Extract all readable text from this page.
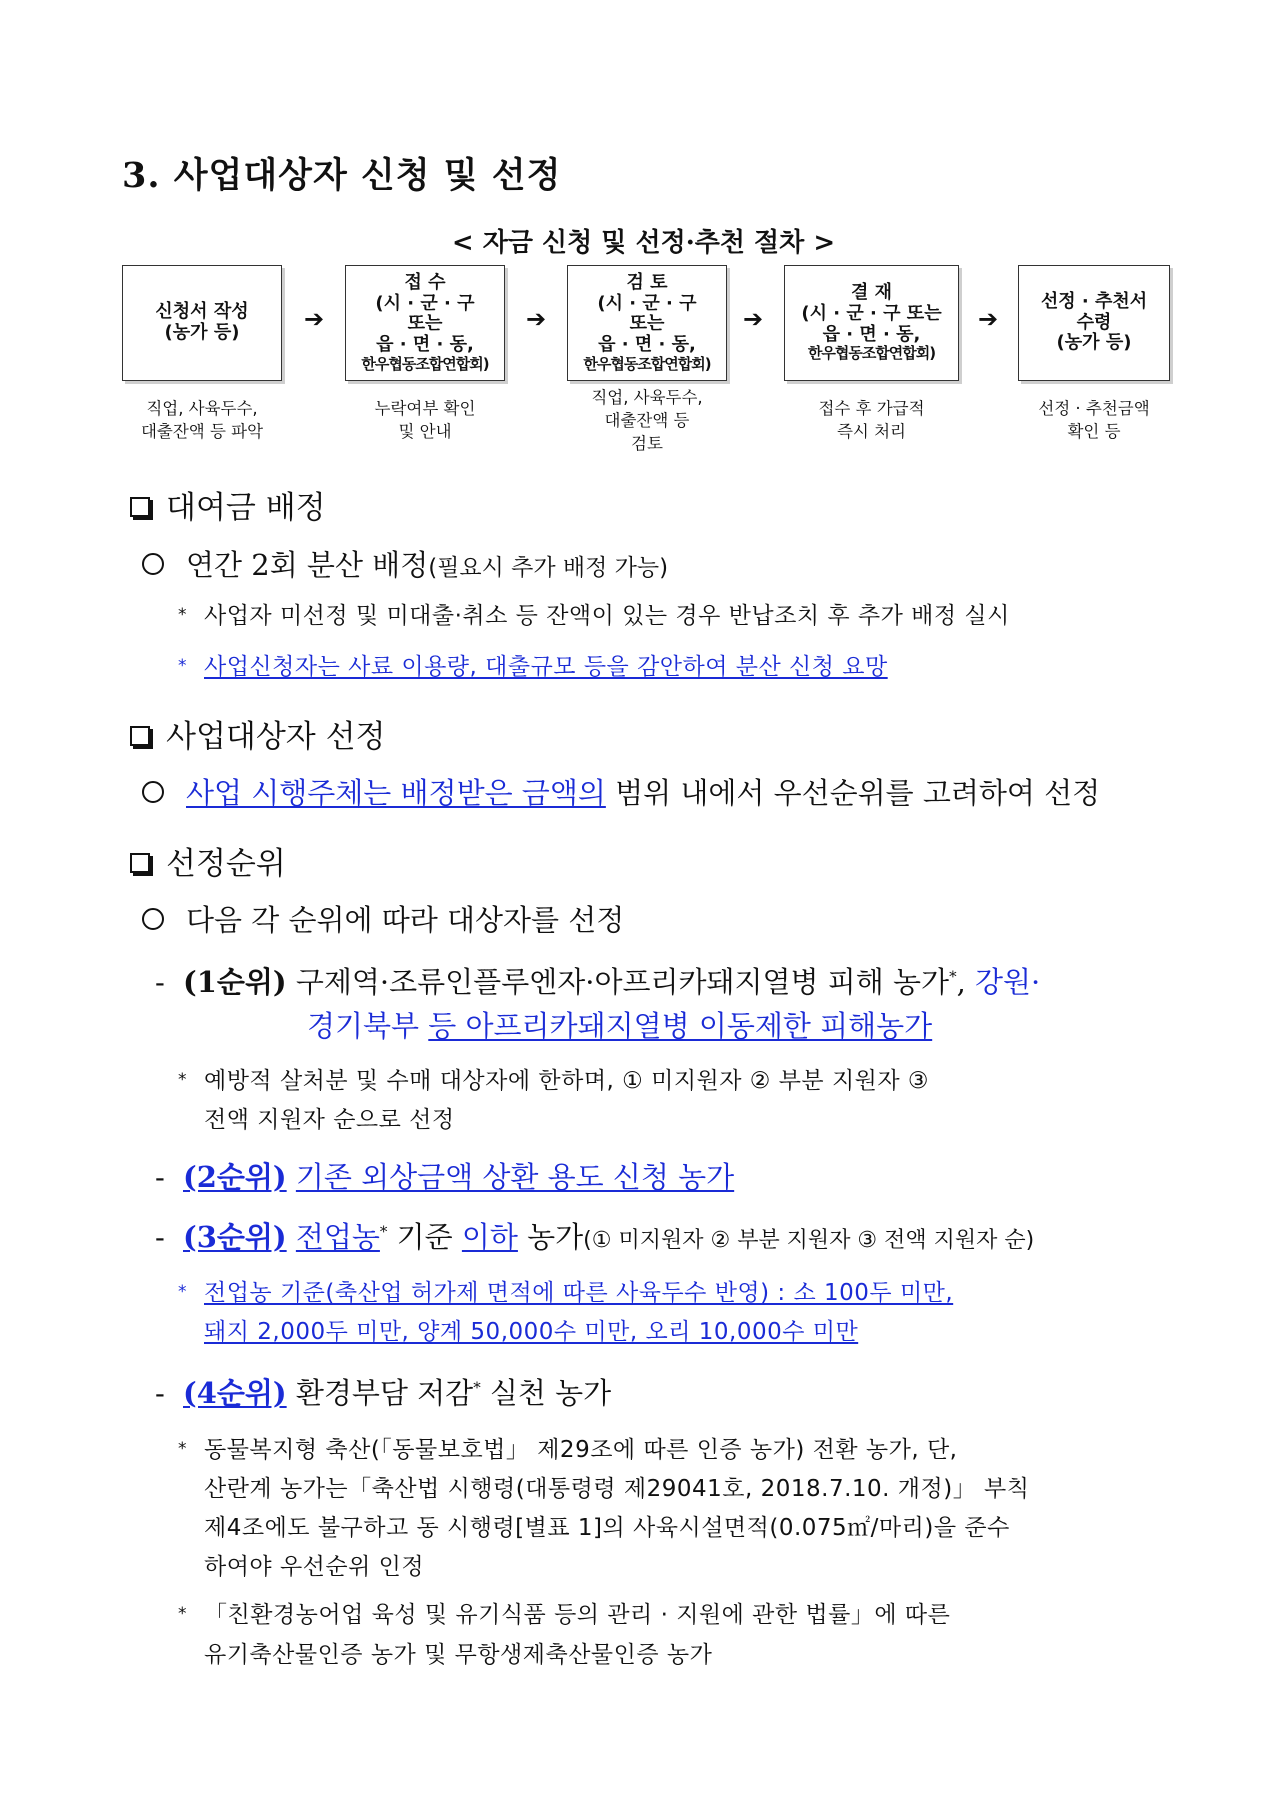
3. 사업대상자 신청 및 선정
< 자금 신청 및 선정·추천 절차 >
신청서 작성
(농가 등)	➔
접 수
(시 · 군 · 구
또는
읍 · 면 · 동,
한우협동조합연합회)
➔
검 토
(시 · 군 · 구
또는
읍 · 면 · 동,
한우협동조합연합회)
➔
결 재
(시 · 군 · 구 또는
읍 · 면 · 동,
한우협동조합연합회)
➔
선정 · 추천서
수령
(농가 등)
직업, 사육두수,
대출잔액 등 파악
누락여부 확인
및 안내
직업, 사육두수,
대출잔액 등
검토
접수 후 가급적
즉시 처리
선정 · 추천금액
확인 등
대여금 배정
연간 2회 분산 배정(필요시 추가 배정 가능)
* 사업자 미선정 및 미대출·취소 등 잔액이 있는 경우 반납조치 후 추가 배정 실시
* 사업신청자는 사료 이용량, 대출규모 등을 감안하여 분산 신청 요망
사업대상자 선정
사업 시행주체는 배정받은 금액의 범위 내에서 우선순위를 고려하여 선정
선정순위
다음 각 순위에 따라 대상자를 선정
- (1순위) 구제역·조류인플루엔자·아프리카돼지열병 피해 농가*, 강원·
경기북부 등 아프리카돼지열병 이동제한 피해농가
* 예방적 살처분 및 수매 대상자에 한하며, ① 미지원자 ② 부분 지원자 ③
전액 지원자 순으로 선정
- (2순위) 기존 외상금액 상환 용도 신청 농가
- (3순위) 전업농* 기준 이하 농가(① 미지원자 ② 부분 지원자 ③ 전액 지원자 순)
* 전업농 기준(축산업 허가제 면적에 따른 사육두수 반영) : 소 100두 미만,
돼지 2,000두 미만, 양계 50,000수 미만, 오리 10,000수 미만
- (4순위) 환경부담 저감* 실천 농가
* 동물복지형 축산(「동물보호법」 제29조에 따른 인증 농가) 전환 농가, 단,
산란계 농가는「축산법 시행령(대통령령 제29041호, 2018.7.10. 개정)」 부칙
제4조에도 불구하고 동 시행령[별표 1]의 사육시설면적(0.075㎡/마리)을 준수
하여야 우선순위 인정
* 「친환경농어업 육성 및 유기식품 등의 관리 · 지원에 관한 법률」에 따른
유기축산물인증 농가 및 무항생제축산물인증 농가
